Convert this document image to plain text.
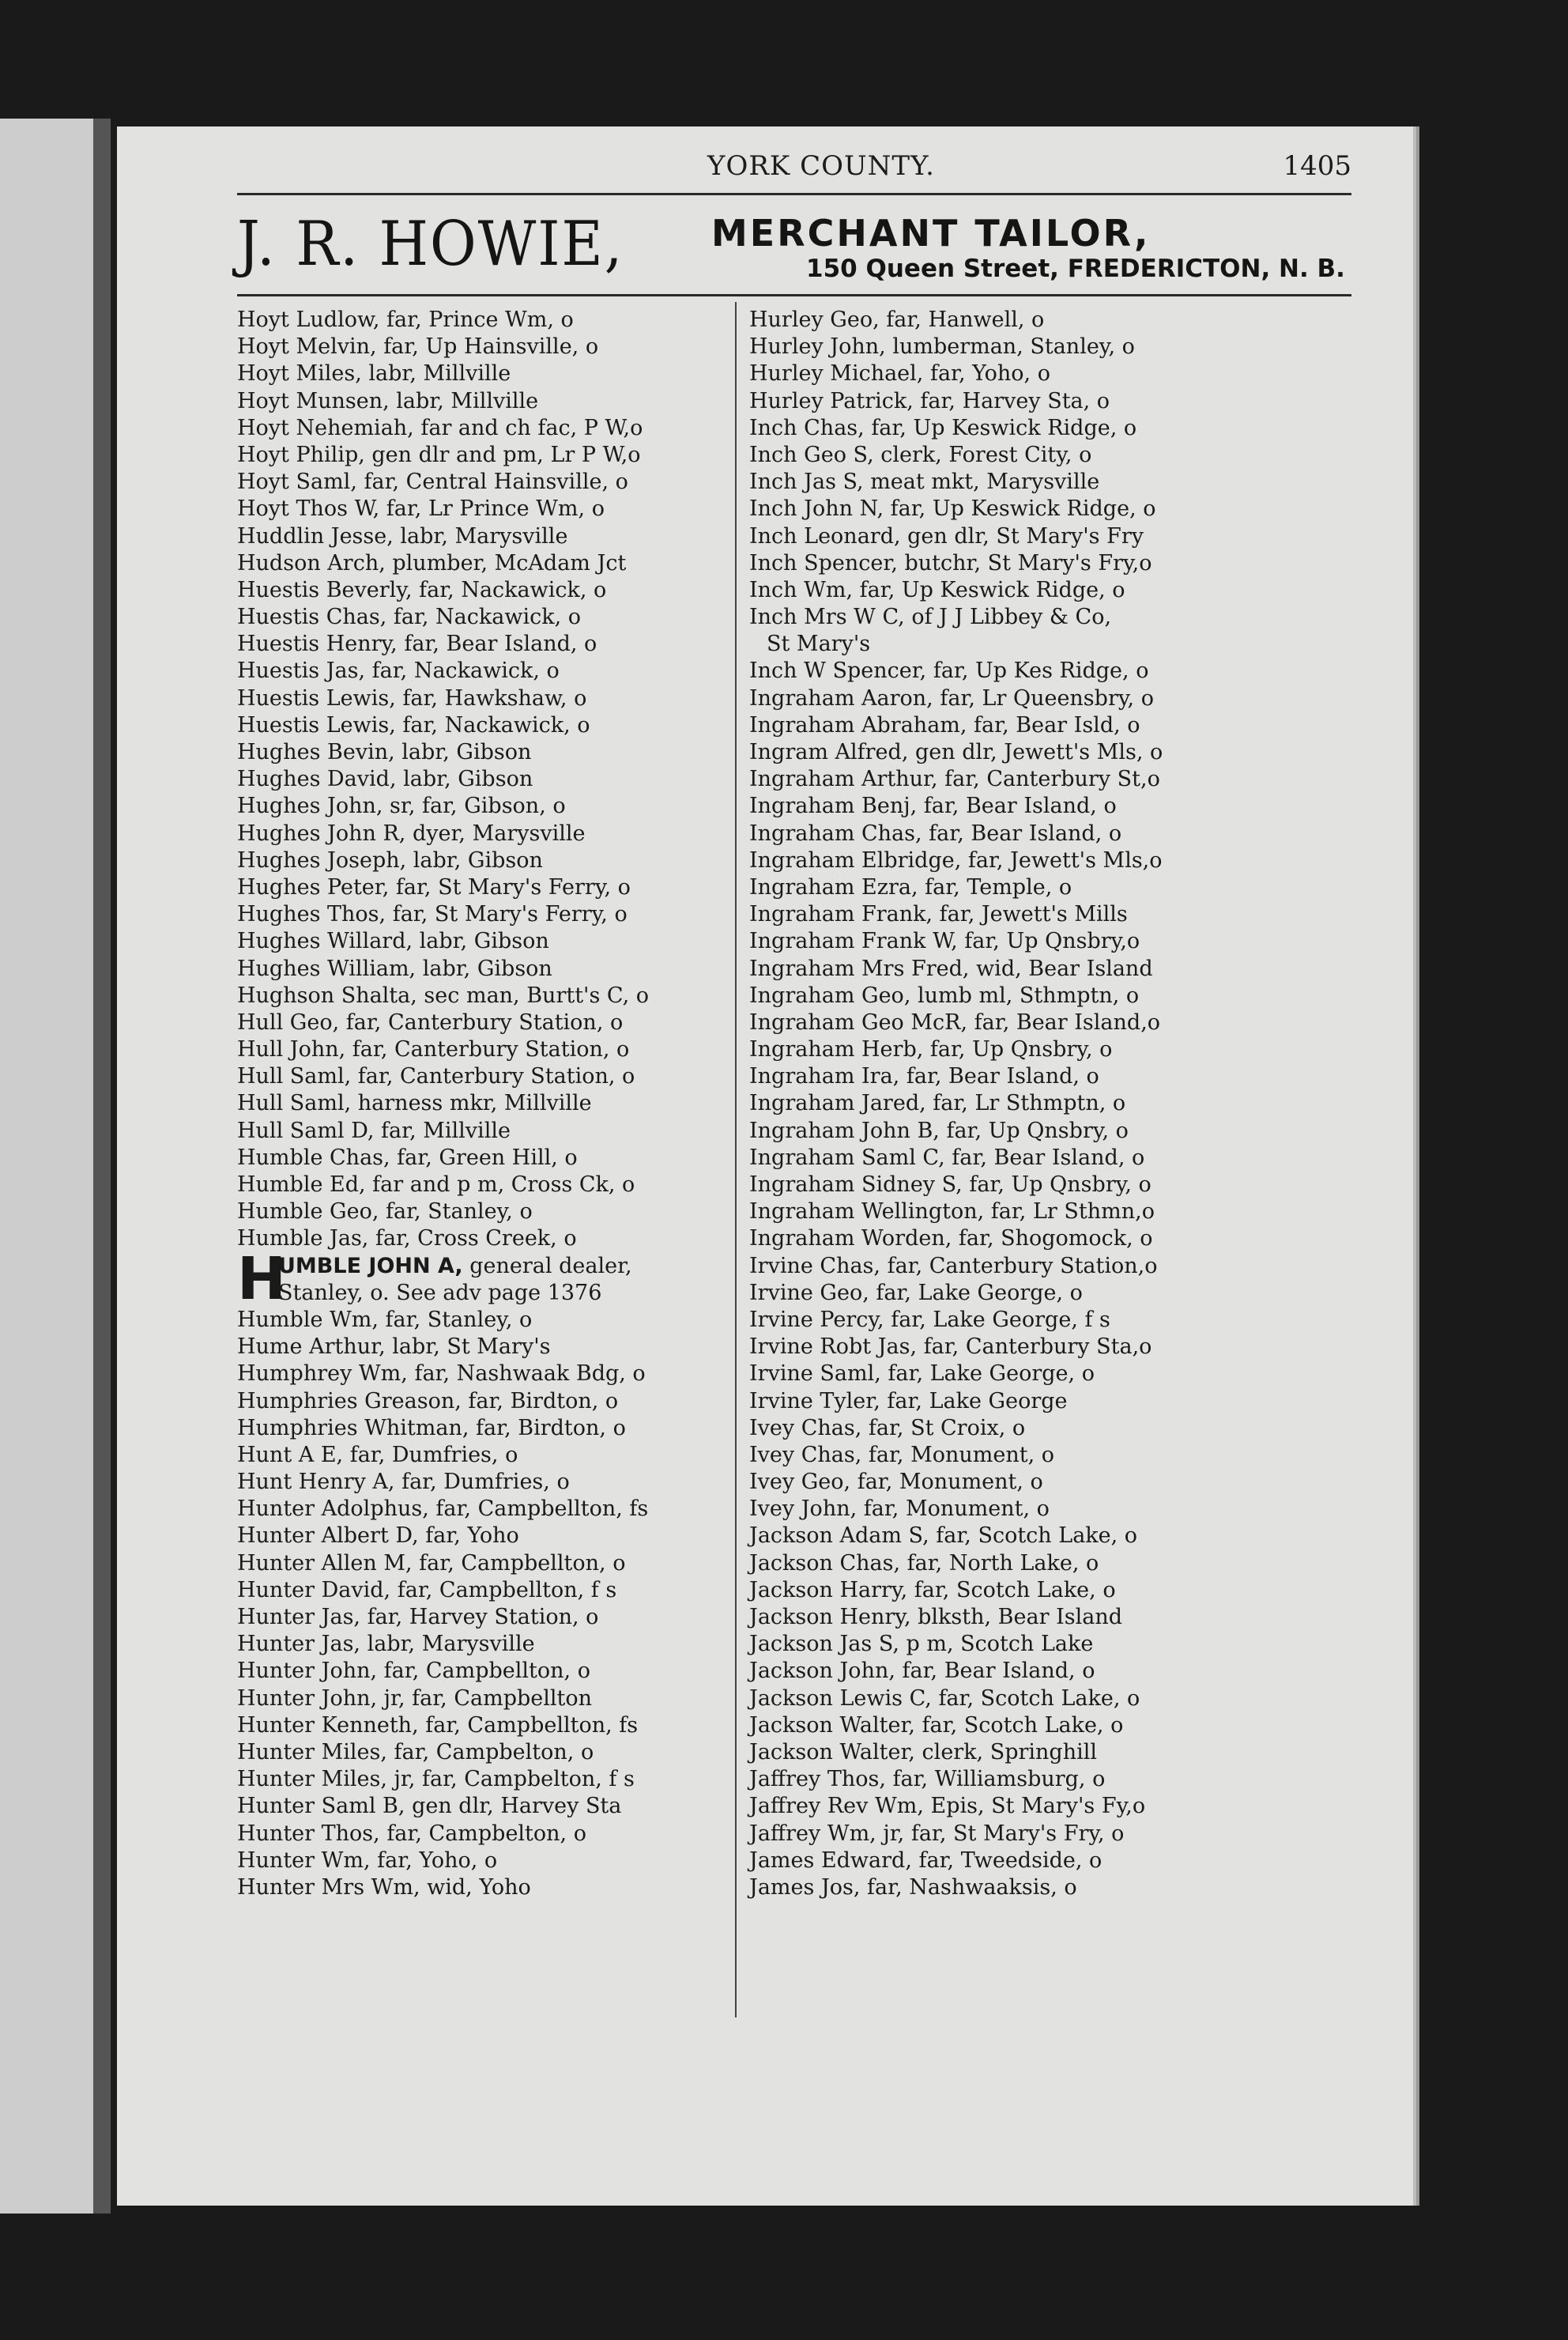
YORK COUNTY.	1405
J. R. HOWIE, MERCHANT TAILOR,
150 Queen Street, FREDERICTON, N. B.
Hoyt Ludlow, far, Prince Wm, o
Hoyt Melvin, far, Up Hainsville, o
Hoyt Miles, labr, Millville
Hoyt Munsen, labr, Millville
Hoyt Nehemiah, far and ch fac, P W,o
Hoyt Philip, gen dlr and pm, Lr P W,o
Hoyt Saml, far, Central Hainsville, o
Hoyt Thos W, far, Lr Prince Wm, o
Huddlin Jesse, labr, Marysville
Hudson Arch, plumber, McAdam Jct
Huestis Beverly, far, Nackawick, o
Huestis Chas, far, Nackawick, o
Huestis Henry, far, Bear Island, o
Huestis Jas, far, Nackawick, o
Huestis Lewis, far, Hawkshaw, o
Huestis Lewis, far, Nackawick, o
Hughes Bevin, labr, Gibson
Hughes David, labr, Gibson
Hughes John, sr, far, Gibson, o
Hughes John R, dyer, Marysville
Hughes Joseph, labr, Gibson
Hughes Peter, far, St Mary's Ferry, o
Hughes Thos, far, St Mary's Ferry, o
Hughes Willard, labr, Gibson
Hughes William, labr, Gibson
Hughson Shalta, sec man, Burtt's C, o
Hull Geo, far, Canterbury Station, o
Hull John, far, Canterbury Station, o
Hull Saml, far, Canterbury Station, o
Hull Saml, harness mkr, Millville
Hull Saml D, far, Millville
Humble Chas, far, Green Hill, o
Humble Ed, far and p m, Cross Ck, o
Humble Geo, far, Stanley, o
Humble Jas, far, Cross Creek, o
H
UMBLE JOHN A, general dealer,
Stanley, o. See adv page 1376
Humble Wm, far, Stanley, o
Hume Arthur, labr, St Mary's
Humphrey Wm, far, Nashwaak Bdg, o
Humphries Greason, far, Birdton, o
Humphries Whitman, far, Birdton, o
Hunt A E, far, Dumfries, o
Hunt Henry A, far, Dumfries, o
Hunter Adolphus, far, Campbellton, fs
Hunter Albert D, far, Yoho
Hunter Allen M, far, Campbellton, o
Hunter David, far, Campbellton, f s
Hunter Jas, far, Harvey Station, o
Hunter Jas, labr, Marysville
Hunter John, far, Campbellton, o
Hunter John, jr, far, Campbellton
Hunter Kenneth, far, Campbellton, fs
Hunter Miles, far, Campbelton, o
Hunter Miles, jr, far, Campbelton, f s
Hunter Saml B, gen dlr, Harvey Sta
Hunter Thos, far, Campbelton, o
Hunter Wm, far, Yoho, o
Hunter Mrs Wm, wid, Yoho
Hurley Geo, far, Hanwell, o
Hurley John, lumberman, Stanley, o
Hurley Michael, far, Yoho, o
Hurley Patrick, far, Harvey Sta, o
Inch Chas, far, Up Keswick Ridge, o
Inch Geo S, clerk, Forest City, o
Inch Jas S, meat mkt, Marysville
Inch John N, far, Up Keswick Ridge, o
Inch Leonard, gen dlr, St Mary's Fry
Inch Spencer, butchr, St Mary's Fry,o
Inch Wm, far, Up Keswick Ridge, o
Inch Mrs W C, of J J Libbey & Co,
St Mary's
Inch W Spencer, far, Up Kes Ridge, o
Ingraham Aaron, far, Lr Queensbry, o
Ingraham Abraham, far, Bear Isld, o
Ingram Alfred, gen dlr, Jewett's Mls, o
Ingraham Arthur, far, Canterbury St,o
Ingraham Benj, far, Bear Island, o
Ingraham Chas, far, Bear Island, o
Ingraham Elbridge, far, Jewett's Mls,o
Ingraham Ezra, far, Temple, o
Ingraham Frank, far, Jewett's Mills
Ingraham Frank W, far, Up Qnsbry,o
Ingraham Mrs Fred, wid, Bear Island
Ingraham Geo, lumb ml, Sthmptn, o
Ingraham Geo McR, far, Bear Island,o
Ingraham Herb, far, Up Qnsbry, o
Ingraham Ira, far, Bear Island, o
Ingraham Jared, far, Lr Sthmptn, o
Ingraham John B, far, Up Qnsbry, o
Ingraham Saml C, far, Bear Island, o
Ingraham Sidney S, far, Up Qnsbry, o
Ingraham Wellington, far, Lr Sthmn,o
Ingraham Worden, far, Shogomock, o
Irvine Chas, far, Canterbury Station,o
Irvine Geo, far, Lake George, o
Irvine Percy, far, Lake George, f s
Irvine Robt Jas, far, Canterbury Sta,o
Irvine Saml, far, Lake George, o
Irvine Tyler, far, Lake George
Ivey Chas, far, St Croix, o
Ivey Chas, far, Monument, o
Ivey Geo, far, Monument, o
Ivey John, far, Monument, o
Jackson Adam S, far, Scotch Lake, o
Jackson Chas, far, North Lake, o
Jackson Harry, far, Scotch Lake, o
Jackson Henry, blksth, Bear Island
Jackson Jas S, p m, Scotch Lake
Jackson John, far, Bear Island, o
Jackson Lewis C, far, Scotch Lake, o
Jackson Walter, far, Scotch Lake, o
Jackson Walter, clerk, Springhill
Jaffrey Thos, far, Williamsburg, o
Jaffrey Rev Wm, Epis, St Mary's Fy,o
Jaffrey Wm, jr, far, St Mary's Fry, o
James Edward, far, Tweedside, o
James Jos, far, Nashwaaksis, o
